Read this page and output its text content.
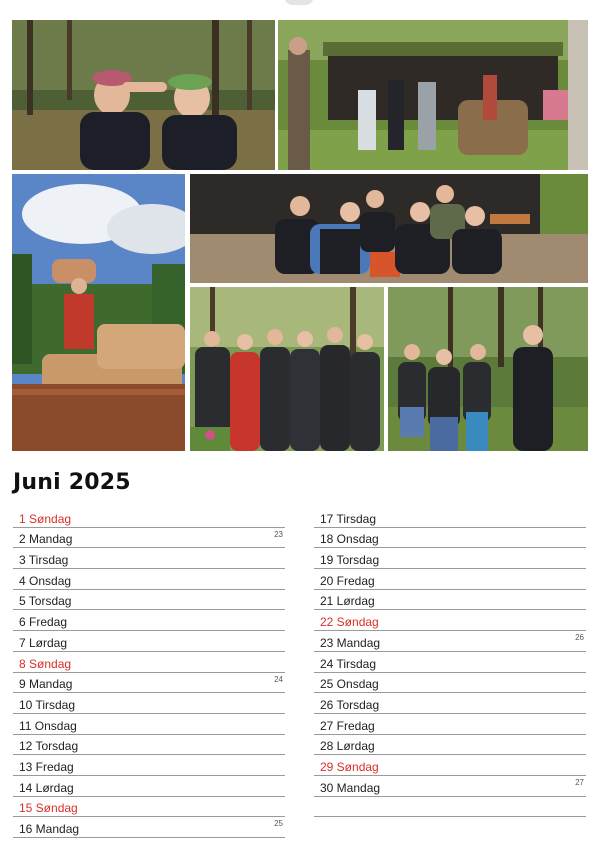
Juni 2025
1 Søndag
2 Mandag	23
3 Tirsdag
4 Onsdag
5 Torsdag
6 Fredag
7 Lørdag
8 Søndag
9 Mandag	24
10 Tirsdag
11 Onsdag
12 Torsdag
13 Fredag
14 Lørdag
15 Søndag
16 Mandag	25
17 Tirsdag
18 Onsdag
19 Torsdag
20 Fredag
21 Lørdag
22 Søndag
23 Mandag	26
24 Tirsdag
25 Onsdag
26 Torsdag
27 Fredag
28 Lørdag
29 Søndag
30 Mandag	27
